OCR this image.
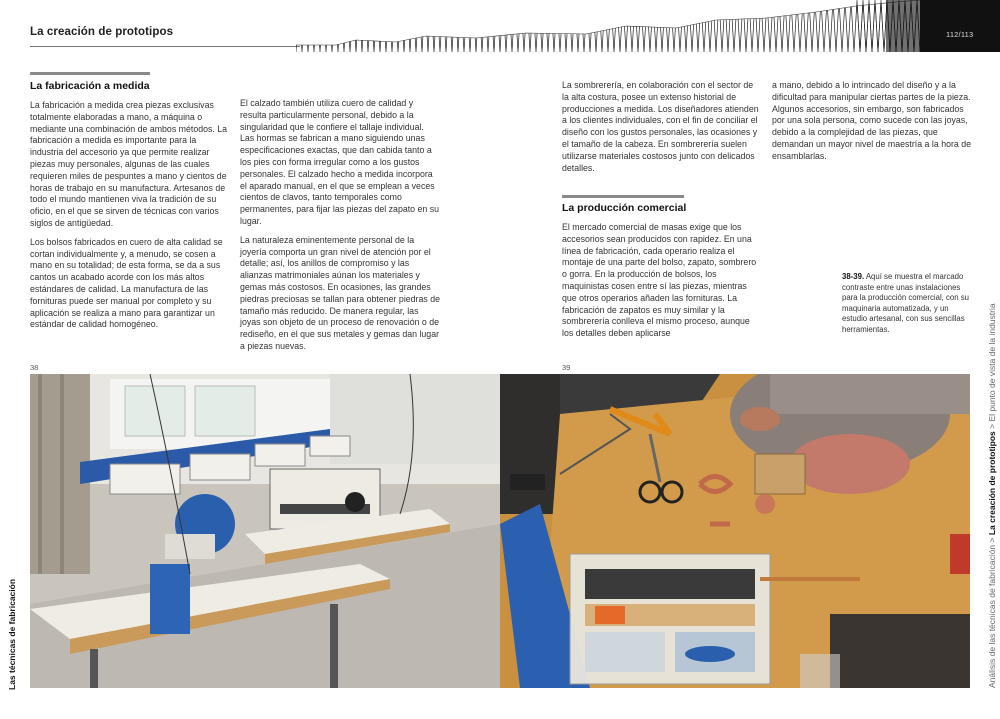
La creación de prototipos	112/113
La fabricación a medida

La fabricación a medida crea piezas exclusivas totalmente elaboradas a mano, a máquina o mediante una combinación de ambos métodos. La fabricación a medida es importante para la industria del accesorio ya que permite realizar piezas muy personales, algunas de las cuales requieren miles de pespuntes a mano y cientos de horas de trabajo en su manufactura. Artesanos de todo el mundo mantienen viva la tradición de su oficio, en el que se sirven de técnicas con varios siglos de antigüedad.

Los bolsos fabricados en cuero de alta calidad se cortan individualmente y, a menudo, se cosen a mano en su totalidad; de esta forma, se da a sus cantos un acabado acorde con los más altos estándares de calidad. La manufactura de las fornituras puede ser manual por completo y su aplicación se realiza a mano para garantizar un estándar de calidad homogéneo.

El calzado también utiliza cuero de calidad y resulta particularmente personal, debido a la singularidad que le confiere el tallaje individual. Las hormas se fabrican a mano siguiendo unas especificaciones exactas, que dan cabida tanto a los pies con forma irregular como a los gustos personales. El calzado hecho a medida incorpora el aparado manual, en el que se emplean a veces cientos de clavos, tanto temporales como permanentes, para fijar las piezas del zapato en su lugar.

La naturaleza eminentemente personal de la joyería comporta un gran nivel de atención por el detalle; así, los anillos de compromiso y las alianzas matrimoniales aúnan los materiales y gemas más costosos. En ocasiones, las grandes piedras preciosas se tallan para obtener piedras de tamaño más reducido. De manera regular, las joyas son objeto de un proceso de renovación o de rediseño, en el que sus metales y gemas dan lugar a piezas nuevas.

38
Las técnicas de fabricación

La sombrerería, en colaboración con el sector de la alta costura, posee un extenso historial de producciones a medida. Los diseñadores atienden a los clientes individuales, con el fin de conciliar el diseño con los gustos personales, las ocasiones y el tamaño de la cabeza. En sombrerería suelen utilizarse materiales costosos junto con delicados detalles.

La producción comercial

El mercado comercial de masas exige que los accesorios sean producidos con rapidez. En una línea de fabricación, cada operario realiza el montaje de una parte del bolso, zapato, sombrero o gorra. En la producción de bolsos, los maquinistas cosen entre sí las piezas, mientras que otros operarios añaden las fornituras. La fabricación de zapatos es muy similar y la sombrerería conlleva el mismo proceso, aunque los detalles deben aplicarse

a mano, debido a lo intrincado del diseño y a la dificultad para manipular ciertas partes de la pieza. Algunos accesorios, sin embargo, son fabricados por una sola persona, como sucede con las joyas, debido a la complejidad de las piezas, que demandan un mayor nivel de maestría a la hora de ensamblarlas.

38-39. Aquí se muestra el marcado contraste entre unas instalaciones para la producción comercial, con su maquinaria automatizada, y un estudio artesanal, con sus sencillas herramientas.
39
Análisis de las técnicas de fabricación > La creación de prototipos > El punto de vista de la industria
